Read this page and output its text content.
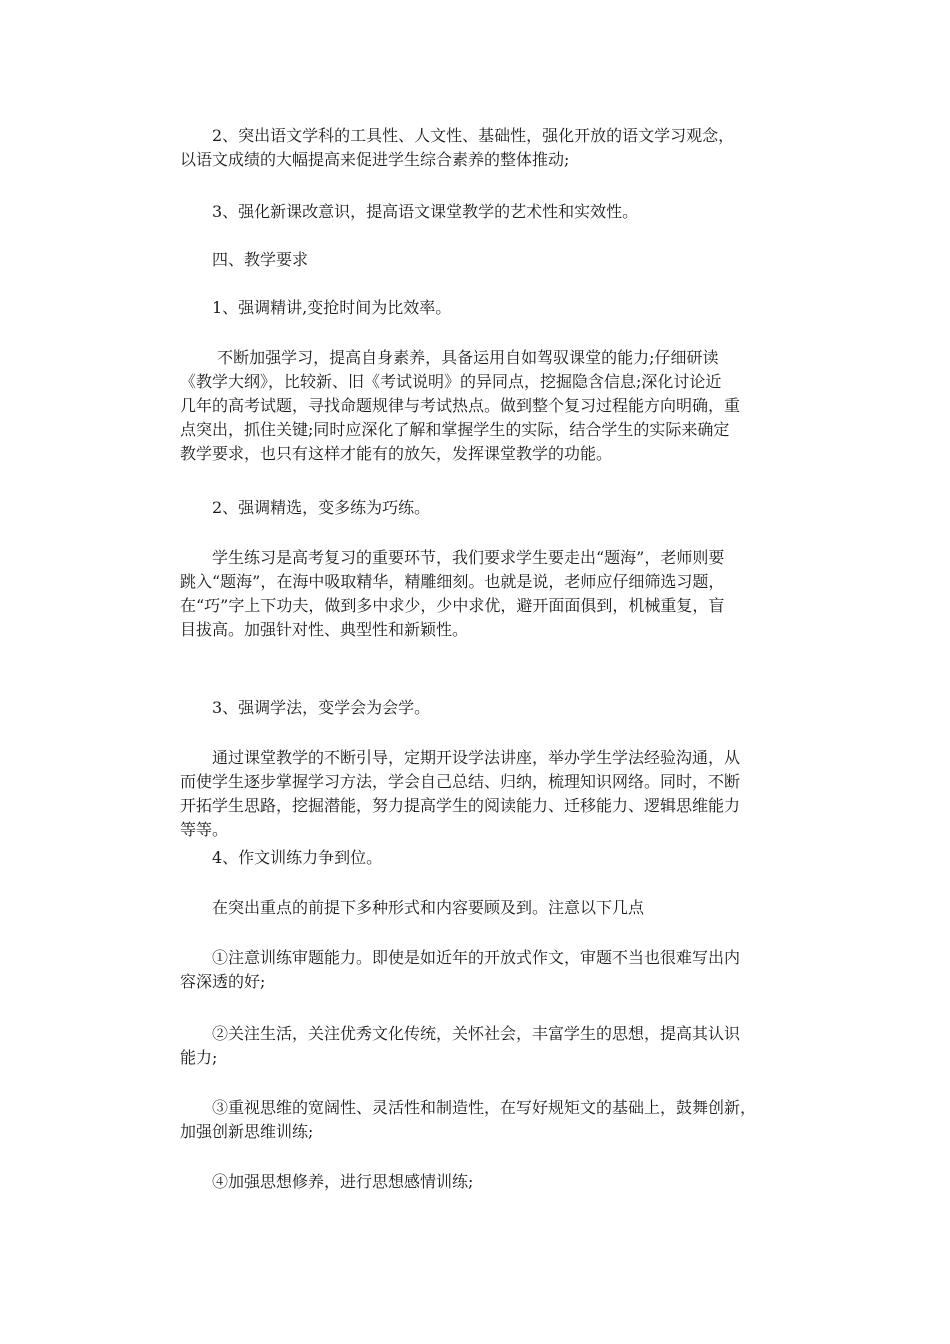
　　2、突出语文学科的工具性、人文性、基础性，强化开放的语文学习观念，
以语文成绩的大幅提高来促进学生综合素养的整体推动;
　　3、强化新课改意识，提高语文课堂教学的艺术性和实效性。
　　四、教学要求
　　1、强调精讲,变抢时间为比效率。
　　 不断加强学习，提高自身素养，具备运用自如驾驭课堂的能力;仔细研读
《教学大纲》，比较新、旧《考试说明》的异同点，挖掘隐含信息;深化讨论近
几年的高考试题，寻找命题规律与考试热点。做到整个复习过程能方向明确，重
点突出，抓住关键;同时应深化了解和掌握学生的实际，结合学生的实际来确定
教学要求，也只有这样才能有的放矢，发挥课堂教学的功能。
　　2、强调精选，变多练为巧练。
　　学生练习是高考复习的重要环节，我们要求学生要走出“题海”，老师则要
跳入“题海”，在海中吸取精华，精雕细刻。也就是说，老师应仔细筛选习题，
在“巧”字上下功夫，做到多中求少，少中求优，避开面面俱到，机械重复，盲
目拔高。加强针对性、典型性和新颖性。
　　3、强调学法，变学会为会学。
　　通过课堂教学的不断引导，定期开设学法讲座，举办学生学法经验沟通，从
而使学生逐步掌握学习方法，学会自己总结、归纳，梳理知识网络。同时，不断
开拓学生思路，挖掘潜能，努力提高学生的阅读能力、迁移能力、逻辑思维能力
等等。
　　4、作文训练力争到位。
　　在突出重点的前提下多种形式和内容要顾及到。注意以下几点
　　①注意训练审题能力。即使是如近年的开放式作文，审题不当也很难写出内
容深透的好;
　　②关注生活，关注优秀文化传统，关怀社会，丰富学生的思想，提高其认识
能力;
　　③重视思维的宽阔性、灵活性和制造性，在写好规矩文的基础上，鼓舞创新，
加强创新思维训练;
　　④加强思想修养，进行思想感情训练;
